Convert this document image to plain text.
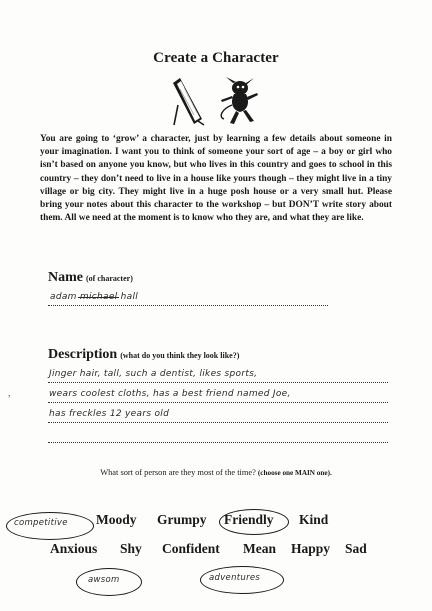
Create a Character
You are going to ‘grow’ a character, just by learning a few details about someone in your imagination. I want you to think of someone your sort of age – a boy or girl who isn’t based on anyone you know, but who lives in this country and goes to school in this country – they don’t need to live in a house like yours though – they might live in a tiny village or big city. They might live in a huge posh house or a very small hut. Please bring your notes about this character to the workshop – but DON’T write story about them. All we need at the moment is to know who they are, and what they are like.
Name (of character)
adam michael hall
Description (what do you think they look like?)
Jinger hair, tall, such a dentist, likes sports,
wears coolest cloths, has a best friend named Joe,
has freckles 12 years old
,
What sort of person are they most of the time? (choose one MAIN one).
competitive Moody Grumpy Friendly Kind
Anxious Shy Confident Mean Happy Sad
awsom	adventures
